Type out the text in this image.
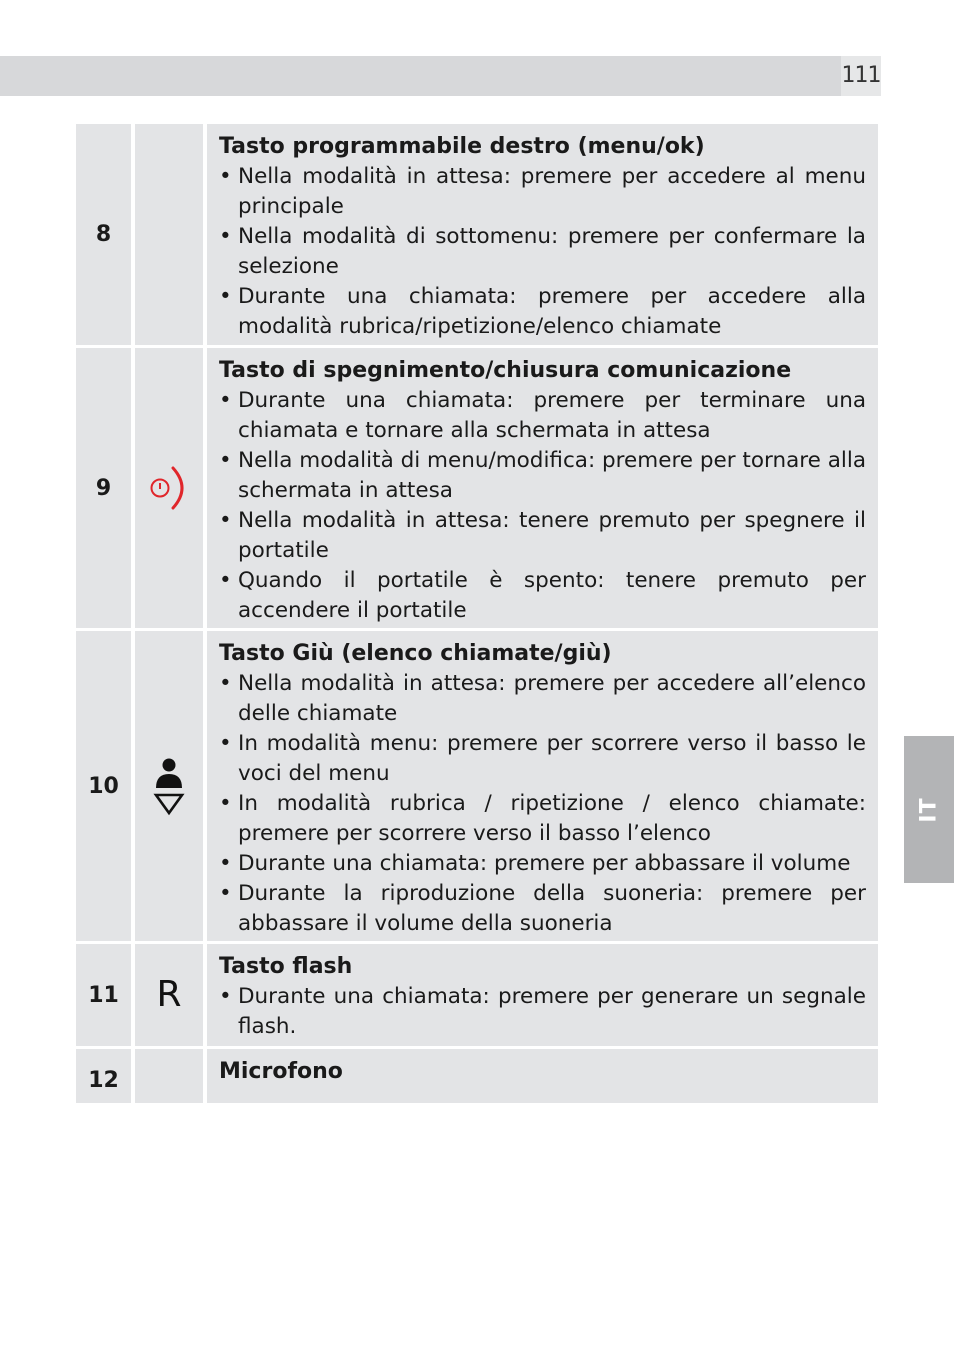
111
IT
8
Tasto programmabile destro (menu/ok)
• Nella modalità in attesa: premere per accedere al menu principale
• Nella modalità di sottomenu: premere per confermare la selezione
• Durante una chiamata: premere per accedere alla modalità rubrica/ripetizione/elenco chiamate
9
Tasto di spegnimento/chiusura comunicazione
• Durante una chiamata: premere per terminare una chiamata e tornare alla schermata in attesa
• Nella modalità di menu/modifica: premere per tornare alla schermata in attesa
• Nella modalità in attesa: tenere premuto per spegnere il portatile
• Quando il portatile è spento: tenere premuto per accendere il portatile
10
Tasto Giù (elenco chiamate/giù)
• Nella modalità in attesa: premere per accedere all’elenco delle chiamate
• In modalità menu: premere per scorrere verso il basso le voci del menu
• In modalità rubrica / ripetizione / elenco chiamate: premere per scorrere verso il basso l’elenco
• Durante una chiamata: premere per abbassare il volume
• Durante la riproduzione della suoneria: premere per abbassare il volume della suoneria
11	R
Tasto flash
• Durante una chiamata: premere per generare un segnale flash.
12	Microfono
